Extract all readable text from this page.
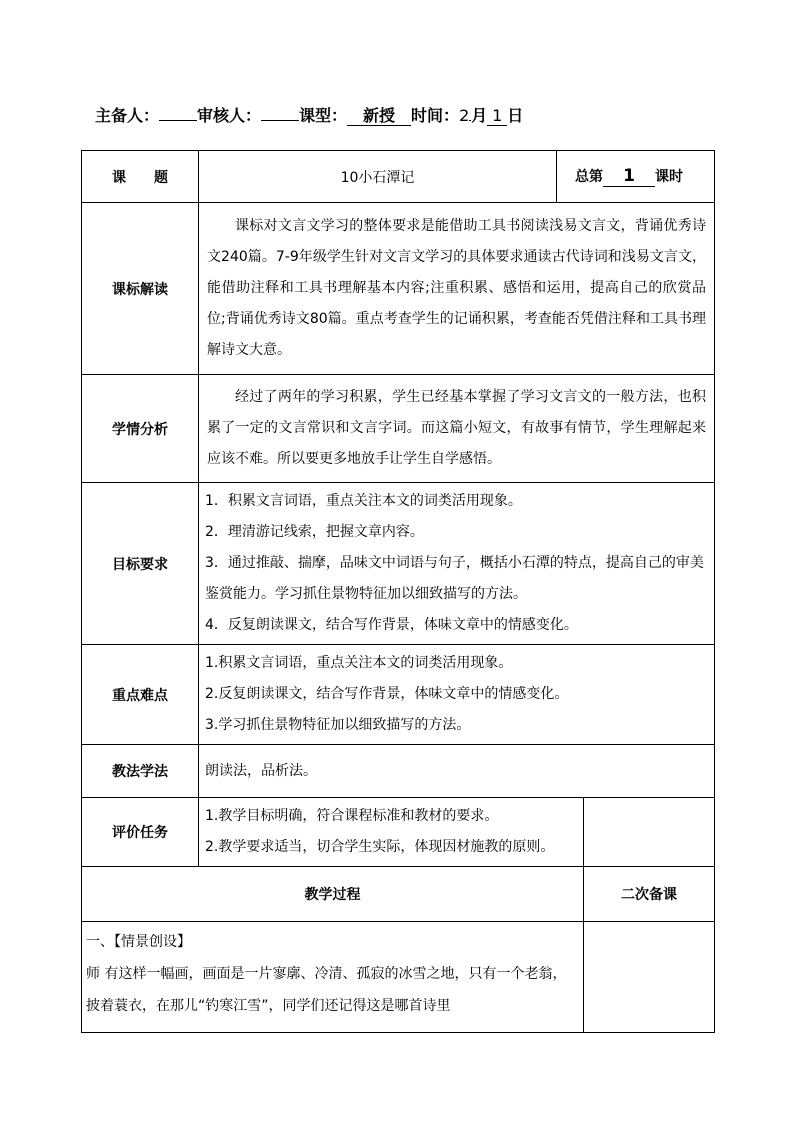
主备人： 审核人： 课型： 新授 时间：2 月 1 日
课　　题	10小石潭记	总第 1 课时	
课标解读	课标对文言文学习的整体要求是能借助工具书阅读浅易文言文，背诵优秀诗文240篇。7-9年级学生针对文言文学习的具体要求通读古代诗词和浅易文言文，能借助注释和工具书理解基本内容;注重积累、感悟和运用，提高自己的欣赏品位;背诵优秀诗文80篇。重点考查学生的记诵积累，考查能否凭借注释和工具书理解诗文大意。		
学情分析	经过了两年的学习积累，学生已经基本掌握了学习文言文的一般方法，也积累了一定的文言常识和文言字词。而这篇小短文，有故事有情节，学生理解起来应该不难。所以要更多地放手让学生自学感悟。		
目标要求	1．积累文言词语，重点关注本文的词类活用现象。
2．理清游记线索，把握文章内容。
3．通过推敲、揣摩，品味文中词语与句子，概括小石潭的特点，提高自己的审美鉴赏能力。学习抓住景物特征加以细致描写的方法。
4．反复朗读课文，结合写作背景，体味文章中的情感变化。		

重点难点	1.积累文言词语，重点关注本文的词类活用现象。
2.反复朗读课文，结合写作背景，体味文章中的情感变化。
3.学习抓住景物特征加以细致描写的方法。		

教法学法	朗读法，品析法。		

评价任务	1.教学目标明确，符合课程标准和教材的要求。
2.教学要求适当，切合学生实际，体现因材施教的原则。		

教学过程			二次备课

一、【情景创设】
师 有这样一幅画，画面是一片寥廓、冷清、孤寂的冰雪之地，只有一个老翁，披着蓑衣，在那儿“钓寒江雪”，同学们还记得这是哪首诗里			
